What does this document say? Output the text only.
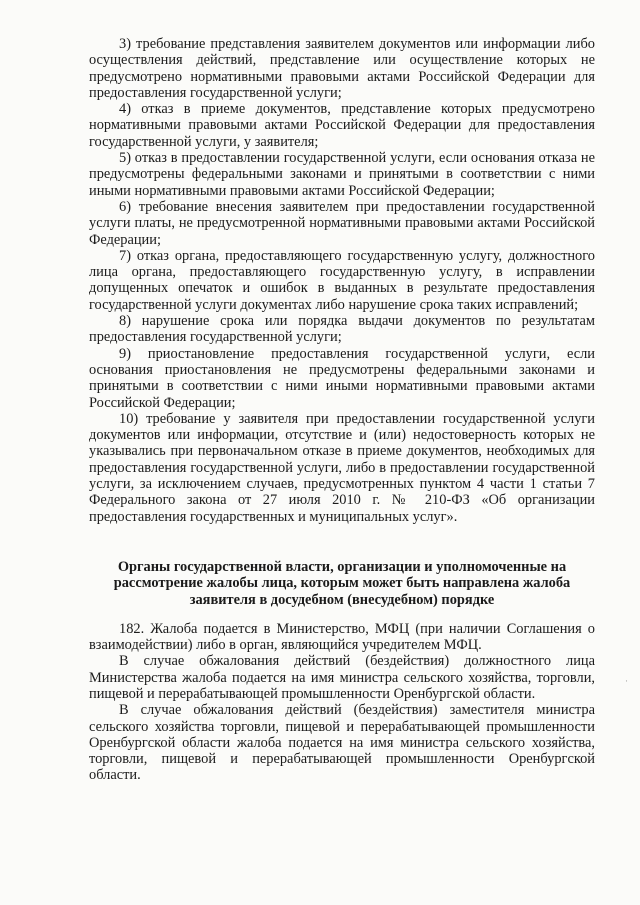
3) требование представления заявителем документов или информации либо осуществления действий, представление или осуществление которых не предусмотрено нормативными правовыми актами Российской Федерации для предоставления государственной услуги;

4) отказ в приеме документов, представление которых предусмотрено нормативными правовыми актами Российской Федерации для предоставления государственной услуги, у заявителя;

5) отказ в предоставлении государственной услуги, если основания отказа не предусмотрены федеральными законами и принятыми в соответствии с ними иными нормативными правовыми актами Российской Федерации;

6) требование внесения заявителем при предоставлении государственной услуги платы, не предусмотренной нормативными правовыми актами Российской Федерации;

7) отказ органа, предоставляющего государственную услугу, должностного лица органа, предоставляющего государственную услугу, в исправлении допущенных опечаток и ошибок в выданных в результате предоставления государственной услуги документах либо нарушение срока таких исправлений;

8) нарушение срока или порядка выдачи документов по результатам предоставления государственной услуги;

9) приостановление предоставления государственной услуги, если основания приостановления не предусмотрены федеральными законами и принятыми в соответствии с ними иными нормативными правовыми актами Российской Федерации;

10) требование у заявителя при предоставлении государственной услуги документов или информации, отсутствие и (или) недостоверность которых не указывались при первоначальном отказе в приеме документов, необходимых для предоставления государственной услуги, либо в предоставлении государственной услуги, за исключением случаев, предусмотренных пунктом 4 части 1 статьи 7 Федерального закона от 27 июля 2010 г. № 210-ФЗ «Об организации предоставления государственных и муниципальных услуг».

Органы государственной власти, организации и уполномоченные на рассмотрение жалобы лица, которым может быть направлена жалоба заявителя в досудебном (внесудебном) порядке

182. Жалоба подается в Министерство, МФЦ (при наличии Соглашения о взаимодействии) либо в орган, являющийся учредителем МФЦ.

В случае обжалования действий (бездействия) должностного лица Министерства жалоба подается на имя министра сельского хозяйства, торговли, пищевой и перерабатывающей промышленности Оренбургской области.

В случае обжалования действий (бездействия) заместителя министра сельского хозяйства торговли, пищевой и перерабатывающей промышленности Оренбургской области жалоба подается на имя министра сельского хозяйства, торговли, пищевой и перерабатывающей промышленности Оренбургской области.

·
